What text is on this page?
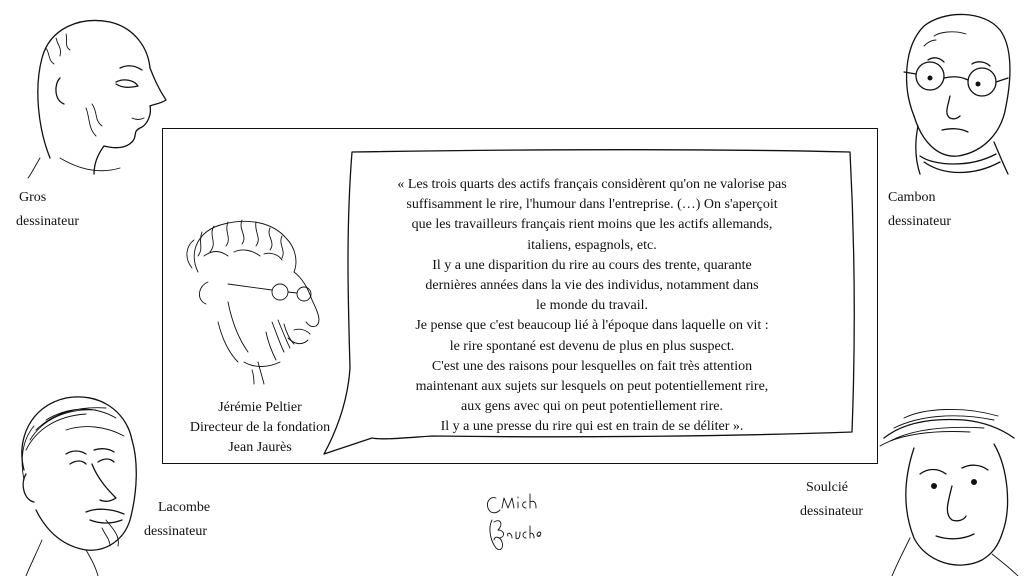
Gros
dessinateur
Cambon
dessinateur
Lacombe
dessinateur
Soulcié
dessinateur
Jérémie Peltier
Directeur de la fondation
Jean Jaurès
« Les trois quarts des actifs français considèrent qu'on ne valorise pas
suffisamment le rire, l'humour dans l'entreprise. (…) On s'aperçoit
que les travailleurs français rient moins que les actifs allemands,
italiens, espagnols, etc.
Il y a une disparition du rire au cours des trente, quarante
dernières années dans la vie des individus, notamment dans
le monde du travail.
Je pense que c'est beaucoup lié à l'époque dans laquelle on vit :
le rire spontané est devenu de plus en plus suspect.
C'est une des raisons pour lesquelles on fait très attention
maintenant aux sujets sur lesquels on peut potentiellement rire,
aux gens avec qui on peut potentiellement rire.
Il y a une presse du rire qui est en train de se déliter ».
